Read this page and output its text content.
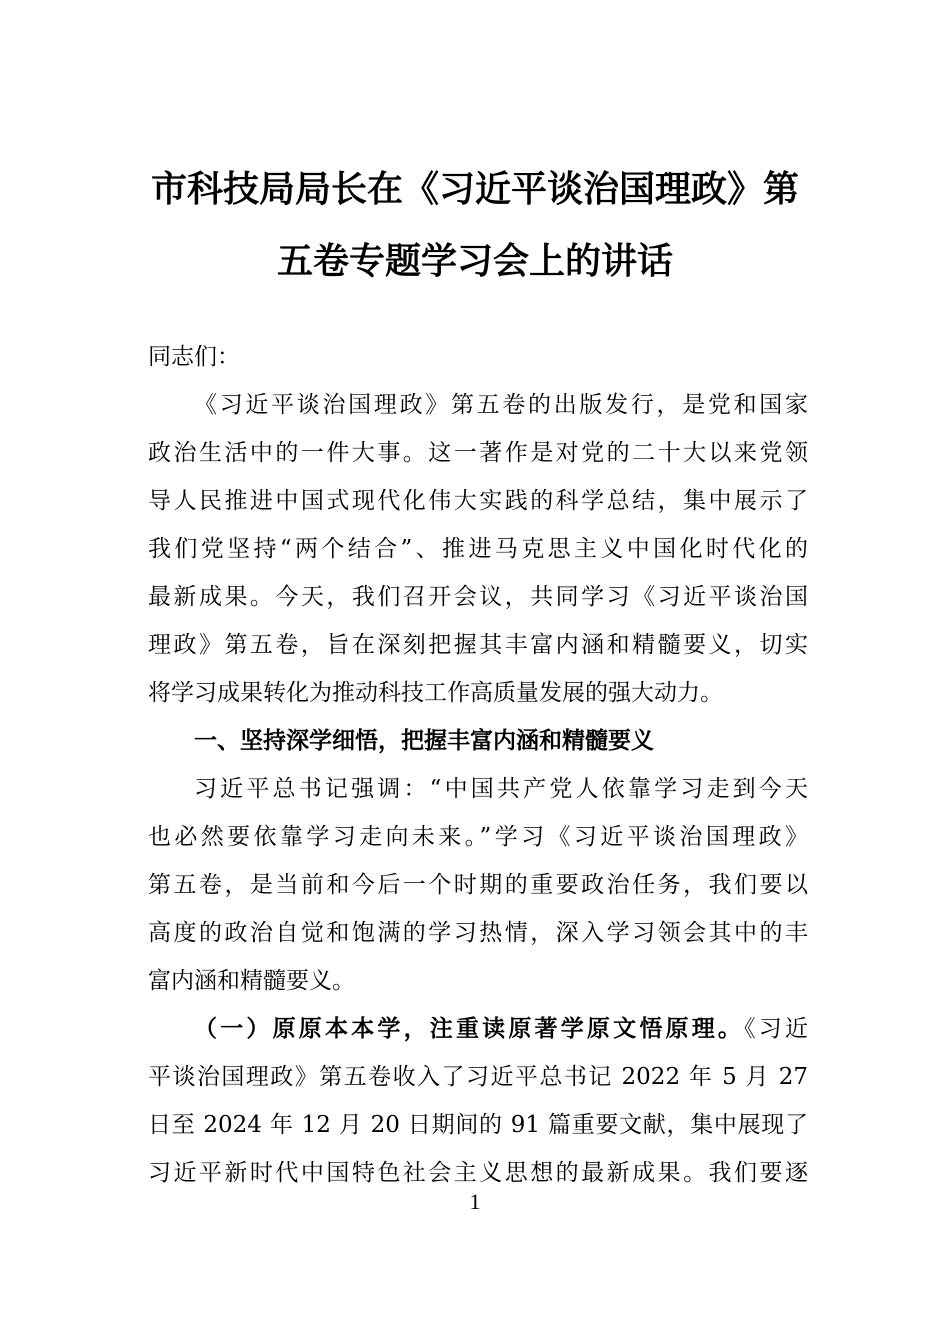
市科技局局长在《习近平谈治国理政》第
五卷专题学习会上的讲话
同志们：
《习近平谈治国理政》第五卷的出版发行，是党和国家
政治生活中的一件大事。这一著作是对党的二十大以来党领
导人民推进中国式现代化伟大实践的科学总结，集中展示了
我们党坚持“两个结合”、推进马克思主义中国化时代化的
最新成果。今天，我们召开会议，共同学习《习近平谈治国
理政》第五卷，旨在深刻把握其丰富内涵和精髓要义，切实
将学习成果转化为推动科技工作高质量发展的强大动力。
一、坚持深学细悟，把握丰富内涵和精髓要义
习近平总书记强调：“中国共产党人依靠学习走到今天
也必然要依靠学习走向未来。”学习《习近平谈治国理政》
第五卷，是当前和今后一个时期的重要政治任务，我们要以
高度的政治自觉和饱满的学习热情，深入学习领会其中的丰
富内涵和精髓要义。
（一）原原本本学，注重读原著学原文悟原理。《习近
平谈治国理政》第五卷收入了习近平总书记 2022 年 5 月 27
日至 2024 年 12 月 20 日期间的 91 篇重要文献，集中展现了
习近平新时代中国特色社会主义思想的最新成果。我们要逐
1
